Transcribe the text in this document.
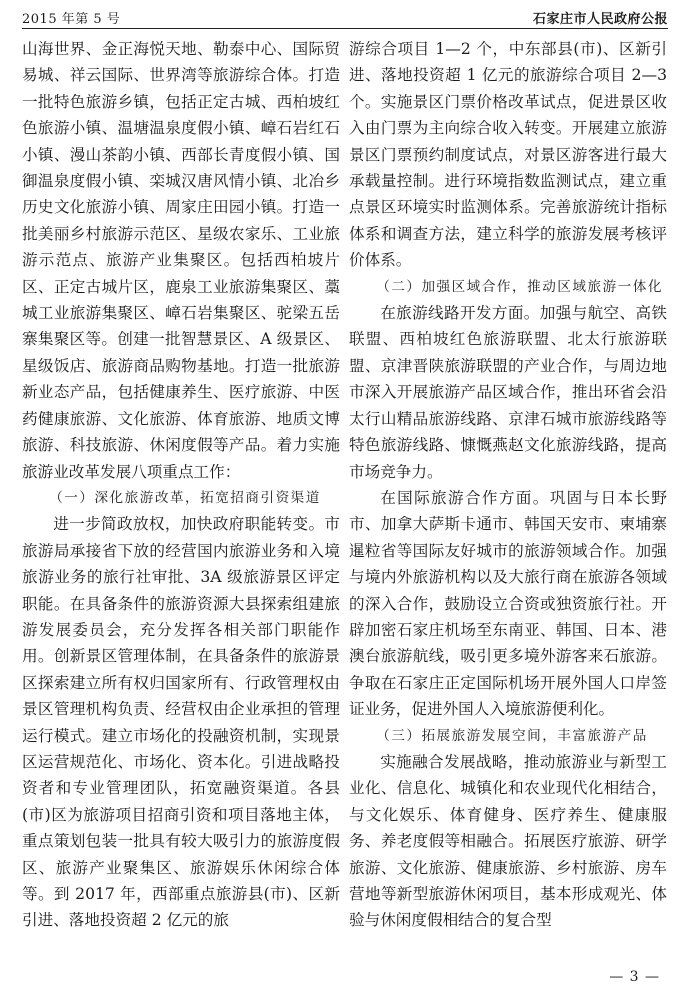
2015 年第 5 号	石家庄市人民政府公报

山海世界、金正海悦天地、勒泰中心、国际贸易城、祥云国际、世界湾等旅游综合体。打造一批特色旅游乡镇，包括正定古城、西柏坡红色旅游小镇、温塘温泉度假小镇、嶂石岩红石小镇、漫山茶韵小镇、西部长青度假小镇、国御温泉度假小镇、栾城汉唐风情小镇、北冶乡历史文化旅游小镇、周家庄田园小镇。打造一批美丽乡村旅游示范区、星级农家乐、工业旅游示范点、旅游产业集聚区。包括西柏坡片区、正定古城片区，鹿泉工业旅游集聚区、藁城工业旅游集聚区、嶂石岩集聚区、驼梁五岳寨集聚区等。创建一批智慧景区、A 级景区、星级饭店、旅游商品购物基地。打造一批旅游新业态产品，包括健康养生、医疗旅游、中医药健康旅游、文化旅游、体育旅游、地质文博旅游、科技旅游、休闲度假等产品。着力实施旅游业改革发展八项重点工作：

（一）深化旅游改革，拓宽招商引资渠道

进一步简政放权，加快政府职能转变。市旅游局承接省下放的经营国内旅游业务和入境旅游业务的旅行社审批、3A 级旅游景区评定职能。在具备条件的旅游资源大县探索组建旅游发展委员会，充分发挥各相关部门职能作用。创新景区管理体制，在具备条件的旅游景区探索建立所有权归国家所有、行政管理权由景区管理机构负责、经营权由企业承担的管理运行模式。建立市场化的投融资机制，实现景区运营规范化、市场化、资本化。引进战略投资者和专业管理团队，拓宽融资渠道。各县(市)区为旅游项目招商引资和项目落地主体，重点策划包装一批具有较大吸引力的旅游度假区、旅游产业聚集区、旅游娱乐休闲综合体等。到 2017 年，西部重点旅游县(市)、区新引进、落地投资超 2 亿元的旅

游综合项目 1—2 个，中东部县(市)、区新引进、落地投资超 1 亿元的旅游综合项目 2—3 个。实施景区门票价格改革试点，促进景区收入由门票为主向综合收入转变。开展建立旅游景区门票预约制度试点，对景区游客进行最大承载量控制。进行环境指数监测试点，建立重点景区环境实时监测体系。完善旅游统计指标体系和调查方法，建立科学的旅游发展考核评价体系。

（二）加强区域合作，推动区域旅游一体化

在旅游线路开发方面。加强与航空、高铁联盟、西柏坡红色旅游联盟、北太行旅游联盟、京津晋陕旅游联盟的产业合作，与周边地市深入开展旅游产品区域合作，推出环省会沿太行山精品旅游线路、京津石城市旅游线路等特色旅游线路、慷慨燕赵文化旅游线路，提高市场竞争力。

在国际旅游合作方面。巩固与日本长野市、加拿大萨斯卡通市、韩国天安市、柬埔寨暹粒省等国际友好城市的旅游领域合作。加强与境内外旅游机构以及大旅行商在旅游各领域的深入合作，鼓励设立合资或独资旅行社。开辟加密石家庄机场至东南亚、韩国、日本、港澳台旅游航线，吸引更多境外游客来石旅游。争取在石家庄正定国际机场开展外国人口岸签证业务，促进外国人入境旅游便利化。

（三）拓展旅游发展空间，丰富旅游产品

实施融合发展战略，推动旅游业与新型工业化、信息化、城镇化和农业现代化相结合，与文化娱乐、体育健身、医疗养生、健康服务、养老度假等相融合。拓展医疗旅游、研学旅游、文化旅游、健康旅游、乡村旅游、房车营地等新型旅游休闲项目，基本形成观光、体验与休闲度假相结合的复合型

— 3 —
